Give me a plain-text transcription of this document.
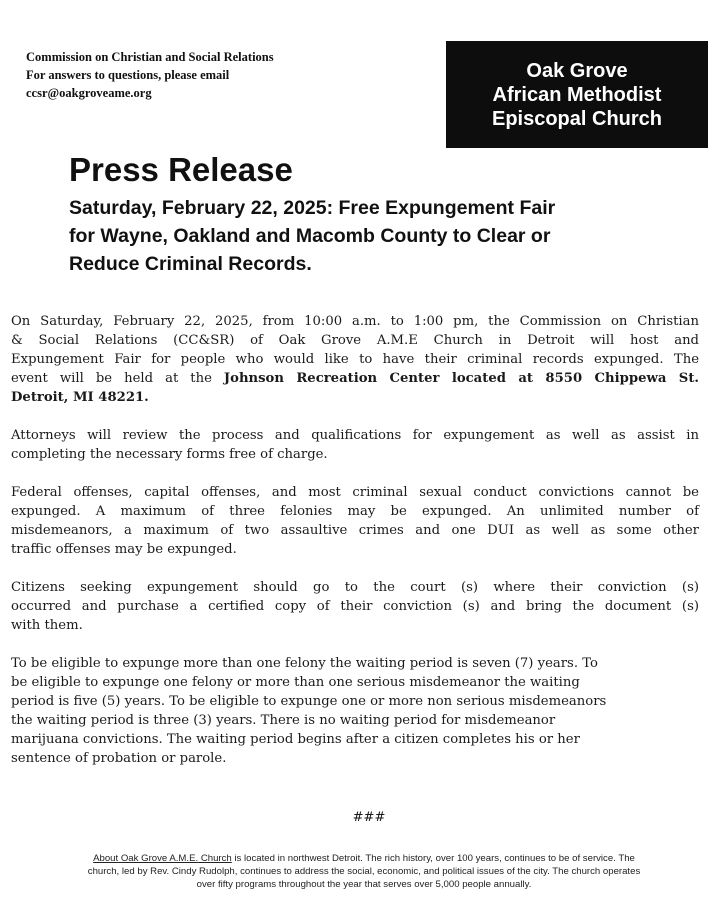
Commission on Christian and Social Relations
For answers to questions, please email
ccsr@oakgroveame.org
Oak Grove
African Methodist
Episcopal Church
Press Release
Saturday, February 22, 2025: Free Expungement Fair
for Wayne, Oakland and Macomb County to Clear or
Reduce Criminal Records.
On Saturday, February 22, 2025, from 10:00 a.m. to 1:00 pm, the Commission on Christian
& Social Relations (CC&SR) of Oak Grove A.M.E Church in Detroit will host and
Expungement Fair for people who would like to have their criminal records expunged. The
event will be held at the Johnson Recreation Center located at 8550 Chippewa St.
Detroit, MI 48221.
Attorneys will review the process and qualifications for expungement as well as assist in
completing the necessary forms free of charge.
Federal offenses, capital offenses, and most criminal sexual conduct convictions cannot be
expunged. A maximum of three felonies may be expunged. An unlimited number of
misdemeanors, a maximum of two assaultive crimes and one DUI as well as some other
traffic offenses may be expunged.
Citizens seeking expungement should go to the court (s) where their conviction (s)
occurred and purchase a certified copy of their conviction (s) and bring the document (s)
with them.
To be eligible to expunge more than one felony the waiting period is seven (7) years. To
be eligible to expunge one felony or more than one serious misdemeanor the waiting
period is five (5) years. To be eligible to expunge one or more non serious misdemeanors
the waiting period is three (3) years. There is no waiting period for misdemeanor
marijuana convictions. The waiting period begins after a citizen completes his or her
sentence of probation or parole.
###
About Oak Grove A.M.E. Church is located in northwest Detroit. The rich history, over 100 years, continues to be of service. The
church, led by Rev. Cindy Rudolph, continues to address the social, economic, and political issues of the city. The church operates
over fifty programs throughout the year that serves over 5,000 people annually.
